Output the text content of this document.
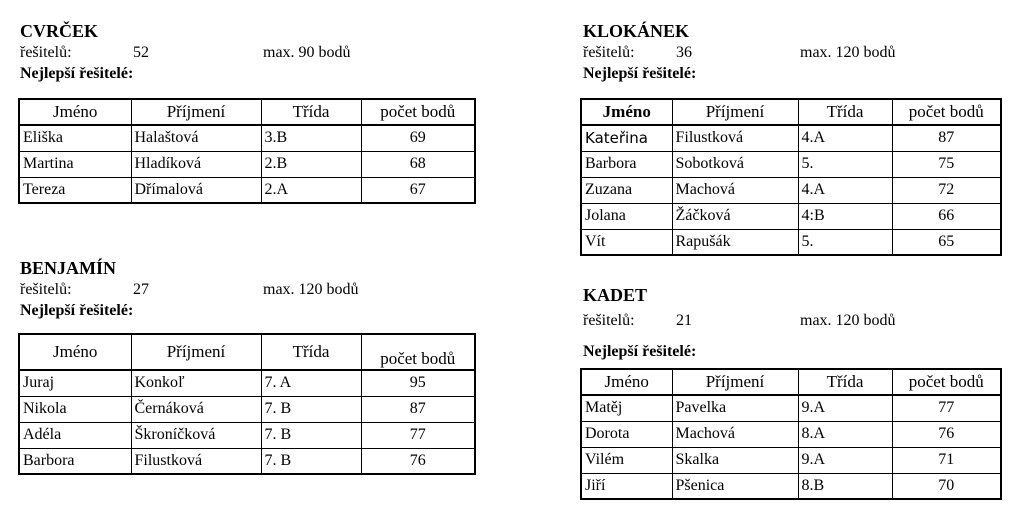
CVRČEK
řešitelů:	52	max. 90 bodů
Nejlepší řešitelé:
Jméno	Příjmení	Třída	počet bodů
Eliška	Halaštová	3.B	69
Martina	Hladíková	2.B	68
Tereza	Dřímalová	2.A	67
BENJAMÍN
řešitelů:	27	max. 120 bodů
Nejlepší řešitelé:
Jméno	Příjmení	Třída	počet bodů
Juraj	Konkoľ	7. A	95
Nikola	Černáková	7. B	87
Adéla	Škroníčková	7. B	77
Barbora	Filustková	7. B	76
KLOKÁNEK
řešitelů:	36	max. 120 bodů
Nejlepší řešitelé:
Jméno	Příjmení	Třída	počet bodů
Kateřina	Filustková	4.A	87
Barbora	Sobotková	5.	75
Zuzana	Machová	4.A	72
Jolana	Žáčková	4:B	66
Vít	Rapušák	5.	65
KADET
řešitelů:	21	max. 120 bodů
Nejlepší řešitelé:
Jméno	Příjmení	Třída	počet bodů
Matěj	Pavelka	9.A	77
Dorota	Machová	8.A	76
Vilém	Skalka	9.A	71
Jiří	Pšenica	8.B	70
